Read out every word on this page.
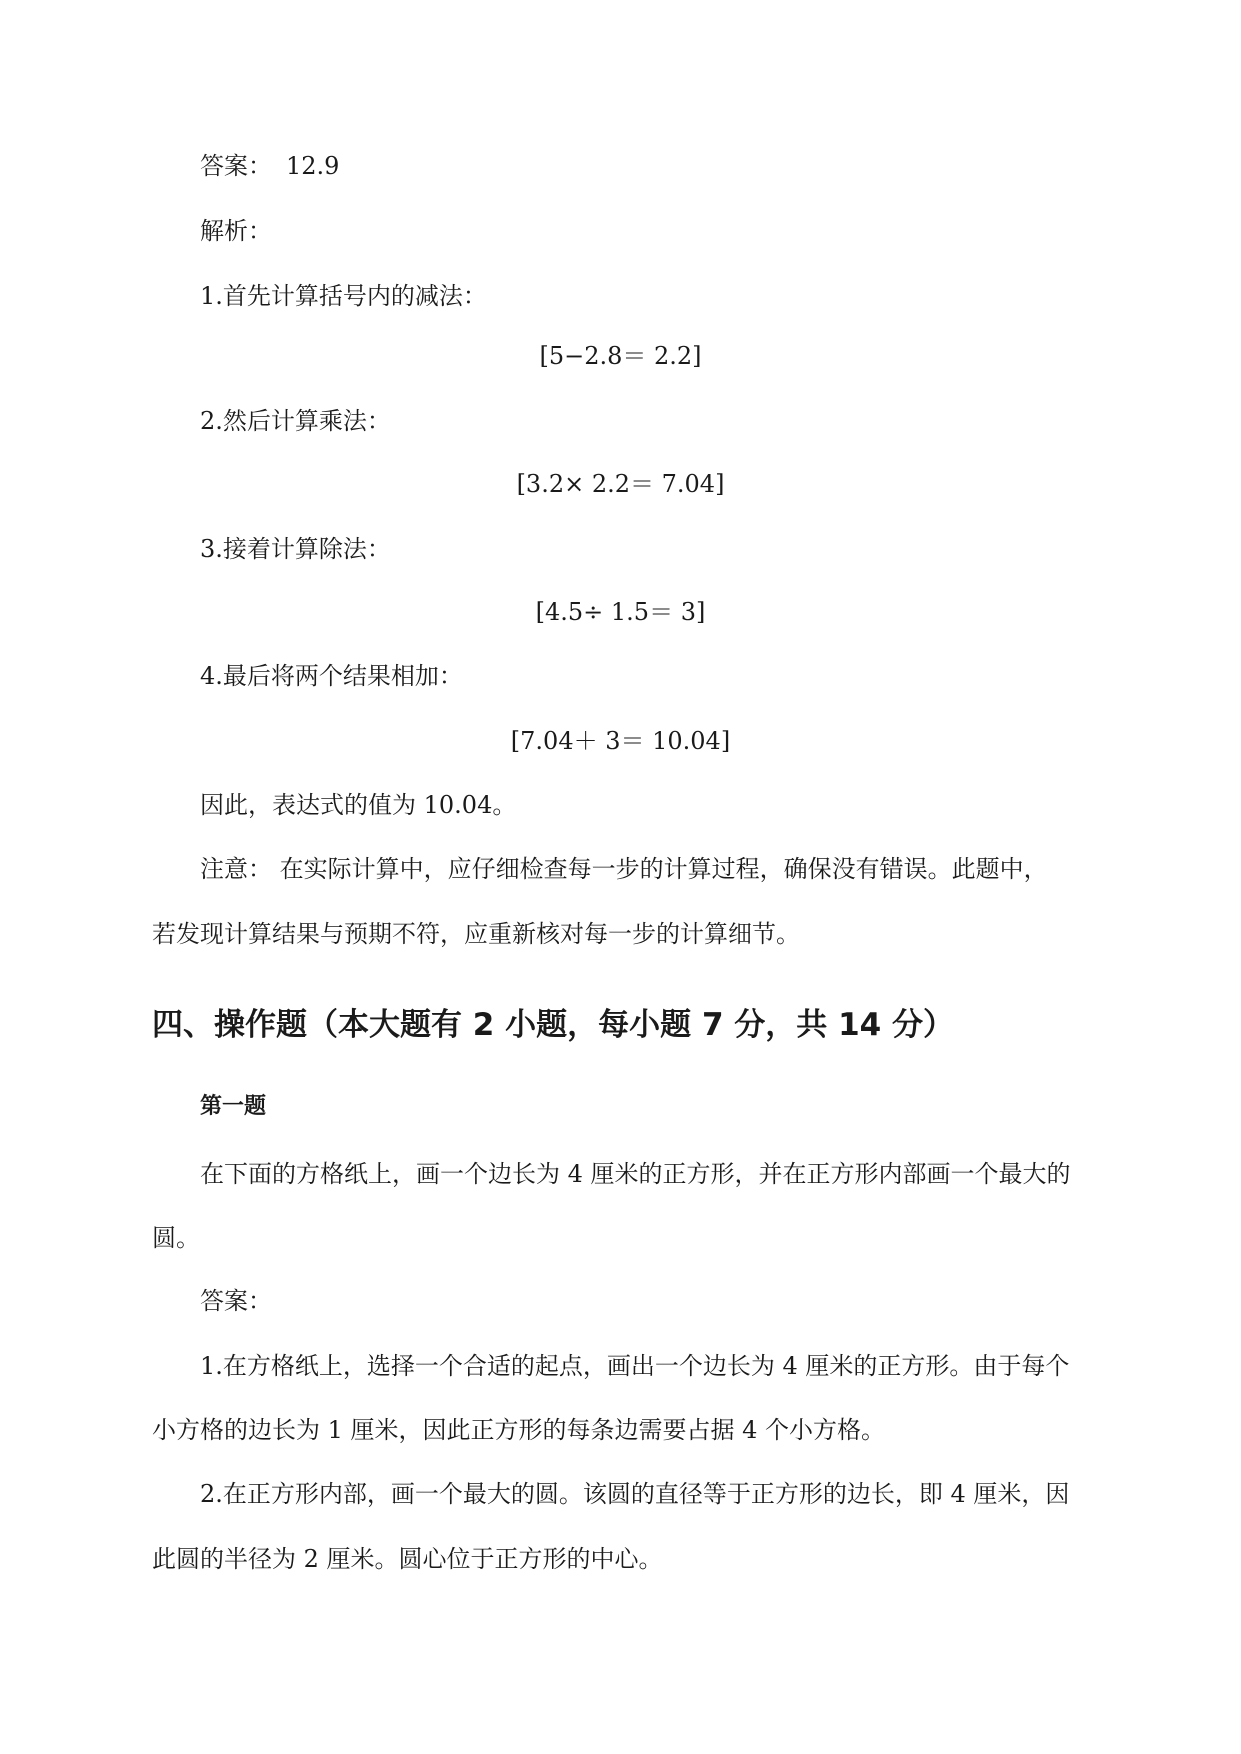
答案： 12.9
解析：
1.首先计算括号内的减法：
[5−2.8＝ 2.2]
2.然后计算乘法：
[3.2× 2.2＝ 7.04]
3.接着计算除法：
[4.5÷ 1.5＝ 3]
4.最后将两个结果相加：
[7.04＋ 3＝ 10.04]
因此，表达式的值为 10.04。
注意： 在实际计算中，应仔细检查每一步的计算过程，确保没有错误。此题中，
若发现计算结果与预期不符，应重新核对每一步的计算细节。
四、操作题（本大题有 2 小题，每小题 7 分，共 14 分）
第一题
在下面的方格纸上，画一个边长为 4 厘米的正方形，并在正方形内部画一个最大的
圆。
答案：
1.在方格纸上，选择一个合适的起点，画出一个边长为 4 厘米的正方形。由于每个
小方格的边长为 1 厘米，因此正方形的每条边需要占据 4 个小方格。
2.在正方形内部，画一个最大的圆。该圆的直径等于正方形的边长，即 4 厘米，因
此圆的半径为 2 厘米。圆心位于正方形的中心。
